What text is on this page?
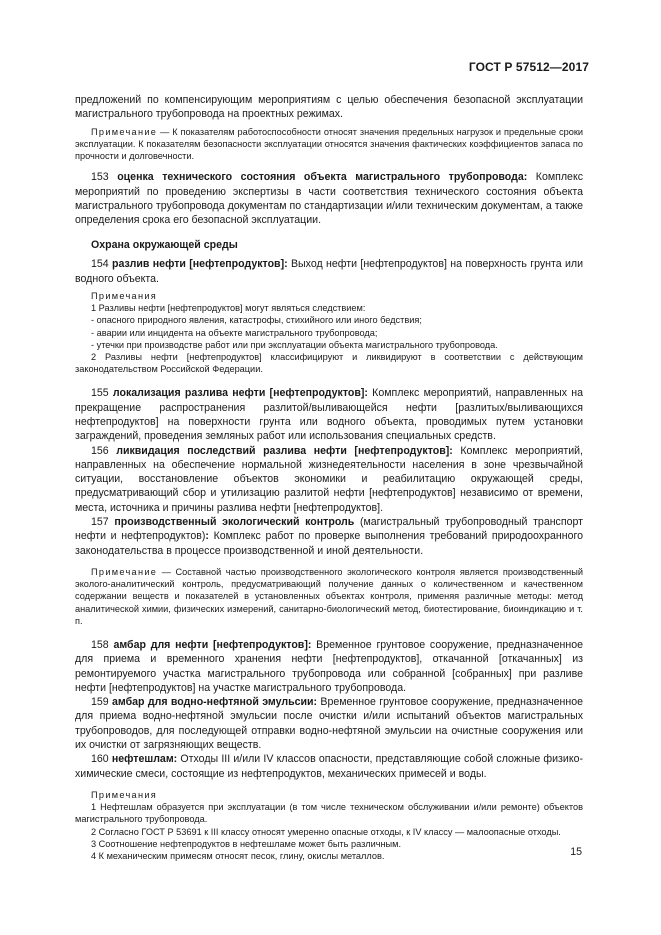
ГОСТ Р 57512—2017

предложений по компенсирующим мероприятиям с целью обеспечения безопасной эксплуатации магистрального трубопровода на проектных режимах.

Примечание — К показателям работоспособности относят значения предельных нагрузок и предельные сроки эксплуатации. К показателям безопасности эксплуатации относятся значения фактических коэффициентов запаса по прочности и долговечности.

153 оценка технического состояния объекта магистрального трубопровода: Комплекс мероприятий по проведению экспертизы в части соответствия технического состояния объекта магистрального трубопровода документам по стандартизации и/или техническим документам, а также определения срока его безопасной эксплуатации.

Охрана окружающей среды

154 разлив нефти [нефтепродуктов]: Выход нефти [нефтепродуктов] на поверхность грунта или водного объекта.

Примечания

1 Разливы нефти [нефтепродуктов] могут являться следствием:

- опасного природного явления, катастрофы, стихийного или иного бедствия;

- аварии или инцидента на объекте магистрального трубопровода;

- утечки при производстве работ или при эксплуатации объекта магистрального трубопровода.

2 Разливы нефти [нефтепродуктов] классифицируют и ликвидируют в соответствии с действующим законодательством Российской Федерации.

155 локализация разлива нефти [нефтепродуктов]: Комплекс мероприятий, направленных на прекращение распространения разлитой/выливающейся нефти [разлитых/выливающихся нефтепродуктов] на поверхности грунта или водного объекта, проводимых путем установки заграждений, проведения земляных работ или использования специальных средств.

156 ликвидация последствий разлива нефти [нефтепродуктов]: Комплекс мероприятий, направленных на обеспечение нормальной жизнедеятельности населения в зоне чрезвычайной ситуации, восстановление объектов экономики и реабилитацию окружающей среды, предусматривающий сбор и утилизацию разлитой нефти [нефтепродуктов] независимо от времени, места, источника и причины разлива нефти [нефтепродуктов].

157 производственный экологический контроль (магистральный трубопроводный транспорт нефти и нефтепродуктов): Комплекс работ по проверке выполнения требований природоохранного законодательства в процессе производственной и иной деятельности.

Примечание — Составной частью производственного экологического контроля является производственный эколого-аналитический контроль, предусматривающий получение данных о количественном и качественном содержании веществ и показателей в установленных объектах контроля, применяя различные методы: метод аналитической химии, физических измерений, санитарно-биологический метод, биотестирование, биоиндикацию и т. п.

158 амбар для нефти [нефтепродуктов]: Временное грунтовое сооружение, предназначенное для приема и временного хранения нефти [нефтепродуктов], откачанной [откачанных] из ремонтируемого участка магистрального трубопровода или собранной [собранных] при разливе нефти [нефтепродуктов] на участке магистрального трубопровода.

159 амбар для водно-нефтяной эмульсии: Временное грунтовое сооружение, предназначенное для приема водно-нефтяной эмульсии после очистки и/или испытаний объектов магистральных трубопроводов, для последующей отправки водно-нефтяной эмульсии на очистные сооружения или их очистки от загрязняющих веществ.

160 нефтешлам: Отходы III и/или IV классов опасности, представляющие собой сложные физико-химические смеси, состоящие из нефтепродуктов, механических примесей и воды.

Примечания

1 Нефтешлам образуется при эксплуатации (в том числе техническом обслуживании и/или ремонте) объектов магистрального трубопровода.

2 Согласно ГОСТ Р 53691 к III классу относят умеренно опасные отходы, к IV классу — малоопасные отходы.

3 Соотношение нефтепродуктов в нефтешламе может быть различным.

4 К механическим примесям относят песок, глину, окислы металлов.	15
